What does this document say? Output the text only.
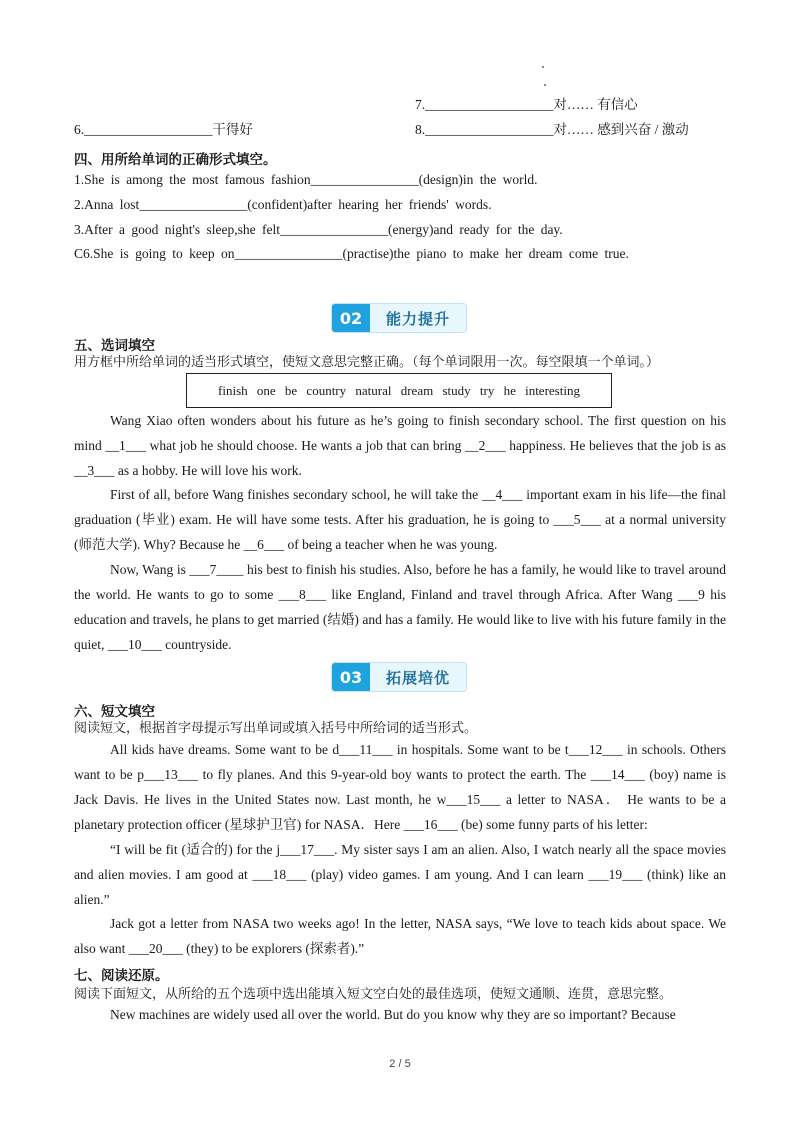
7.___________________对…… 有信心
6.___________________干得好	8.___________________对…… 感到兴奋 / 激动
四、用所给单词的正确形式填空。
1.She is among the most famous fashion________________(design)in the world.
2.Anna lost________________(confident)after hearing her friends' words.
3.After a good night's sleep,she felt________________(energy)and ready for the day.
C6.She is going to keep on________________(practise)the piano to make her dream come true.
02	能力提升
五、选词填空
用方框中所给单词的适当形式填空，使短文意思完整正确。（每个单词限用一次。每空限填一个单词。）
finish one be country natural dream study try he interesting
Wang Xiao often wonders about his future as he’s going to finish secondary school. The first question on his mind __1___ what job he should choose. He wants a job that can bring __2___ happiness. He believes that the job is as __3___ as a hobby. He will love his work.
First of all, before Wang finishes secondary school, he will take the __4___ important exam in his life—the final graduation (毕业) exam. He will have some tests. After his graduation, he is going to ___5___ at a normal university (师范大学). Why? Because he __6___ of being a teacher when he was young.
Now, Wang is ___7____ his best to finish his studies. Also, before he has a family, he would like to travel around the world. He wants to go to some ___8___ like England, Finland and travel through Africa. After Wang ___9 his education and travels, he plans to get married (结婚) and has a family. He would like to live with his future family in the quiet, ___10___ countryside.
03	拓展培优
六、短文填空
阅读短文，根据首字母提示写出单词或填入括号中所给词的适当形式。
All kids have dreams. Some want to be d___11___ in hospitals. Some want to be t___12___ in schools. Others want to be p___13___ to fly planes. And this 9-year-old boy wants to protect the earth. The ___14___ (boy) name is Jack Davis. He lives in the United States now. Last month, he w___15___ a letter to NASA． He wants to be a planetary protection officer (星球护卫官) for NASA．Here ___16___ (be) some funny parts of his letter:
“I will be fit (适合的) for the j___17___. My sister says I am an alien. Also, I watch nearly all the space movies and alien movies. I am good at ___18___ (play) video games. I am young. And I can learn ___19___ (think) like an alien.”
Jack got a letter from NASA two weeks ago! In the letter, NASA says, “We love to teach kids about space. We also want ___20___ (they) to be explorers (探索者).”
七、阅读还原。
阅读下面短文，从所给的五个选项中选出能填入短文空白处的最佳选项，使短文通顺、连贯，意思完整。
New machines are widely used all over the world. But do you know why they are so important? Because
2 / 5
